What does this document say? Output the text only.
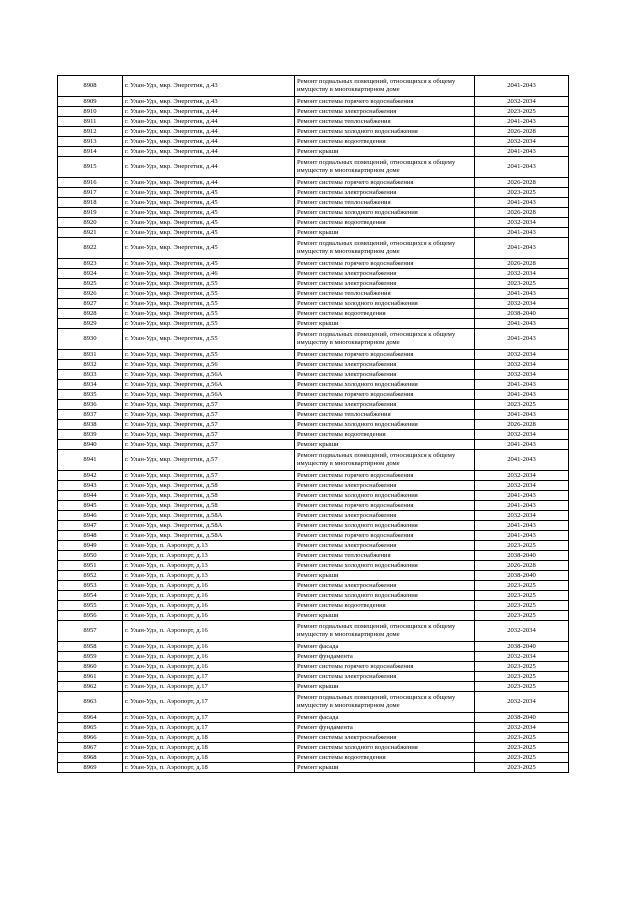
8908	г. Улан-Удэ, мкр. Энергетик, д.43	Ремонт подвальных помещений, относящихся к общему имуществу в многоквартирном доме	2041-2043
8909	г. Улан-Удэ, мкр. Энергетик, д.43	Ремонт системы горячего водоснабжения	2032-2034
8910	г. Улан-Удэ, мкр. Энергетик, д.44	Ремонт системы электроснабжения	2023-2025
8911	г. Улан-Удэ, мкр. Энергетик, д.44	Ремонт системы теплоснабжения	2041-2043
8912	г. Улан-Удэ, мкр. Энергетик, д.44	Ремонт системы холодного водоснабжения	2026-2028
8913	г. Улан-Удэ, мкр. Энергетик, д.44	Ремонт системы водоотведения	2032-2034
8914	г. Улан-Удэ, мкр. Энергетик, д.44	Ремонт крыши	2041-2043
8915	г. Улан-Удэ, мкр. Энергетик, д.44	Ремонт подвальных помещений, относящихся к общему имуществу в многоквартирном доме	2041-2043
8916	г. Улан-Удэ, мкр. Энергетик, д.44	Ремонт системы горячего водоснабжения	2026-2028
8917	г. Улан-Удэ, мкр. Энергетик, д.45	Ремонт системы электроснабжения	2023-2025
8918	г. Улан-Удэ, мкр. Энергетик, д.45	Ремонт системы теплоснабжения	2041-2043
8919	г. Улан-Удэ, мкр. Энергетик, д.45	Ремонт системы холодного водоснабжения	2026-2028
8920	г. Улан-Удэ, мкр. Энергетик, д.45	Ремонт системы водоотведения	2032-2034
8921	г. Улан-Удэ, мкр. Энергетик, д.45	Ремонт крыши	2041-2043
8922	г. Улан-Удэ, мкр. Энергетик, д.45	Ремонт подвальных помещений, относящихся к общему имуществу в многоквартирном доме	2041-2043
8923	г. Улан-Удэ, мкр. Энергетик, д.45	Ремонт системы горячего водоснабжения	2026-2028
8924	г. Улан-Удэ, мкр. Энергетик, д.46	Ремонт системы электроснабжения	2032-2034
8925	г. Улан-Удэ, мкр. Энергетик, д.55	Ремонт системы электроснабжения	2023-2025
8926	г. Улан-Удэ, мкр. Энергетик, д.55	Ремонт системы теплоснабжения	2041-2043
8927	г. Улан-Удэ, мкр. Энергетик, д.55	Ремонт системы холодного водоснабжения	2032-2034
8928	г. Улан-Удэ, мкр. Энергетик, д.55	Ремонт системы водоотведения	2038-2040
8929	г. Улан-Удэ, мкр. Энергетик, д.55	Ремонт крыши	2041-2043
8930	г. Улан-Удэ, мкр. Энергетик, д.55	Ремонт подвальных помещений, относящихся к общему имуществу в многоквартирном доме	2041-2043
8931	г. Улан-Удэ, мкр. Энергетик, д.55	Ремонт системы горячего водоснабжения	2032-2034
8932	г. Улан-Удэ, мкр. Энергетик, д.56	Ремонт системы электроснабжения	2032-2034
8933	г. Улан-Удэ, мкр. Энергетик, д.56А	Ремонт системы электроснабжения	2032-2034
8934	г. Улан-Удэ, мкр. Энергетик, д.56А	Ремонт системы холодного водоснабжения	2041-2043
8935	г. Улан-Удэ, мкр. Энергетик, д.56А	Ремонт системы горячего водоснабжения	2041-2043
8936	г. Улан-Удэ, мкр. Энергетик, д.57	Ремонт системы электроснабжения	2023-2025
8937	г. Улан-Удэ, мкр. Энергетик, д.57	Ремонт системы теплоснабжения	2041-2043
8938	г. Улан-Удэ, мкр. Энергетик, д.57	Ремонт системы холодного водоснабжения	2026-2028
8939	г. Улан-Удэ, мкр. Энергетик, д.57	Ремонт системы водоотведения	2032-2034
8940	г. Улан-Удэ, мкр. Энергетик, д.57	Ремонт крыши	2041-2043
8941	г. Улан-Удэ, мкр. Энергетик, д.57	Ремонт подвальных помещений, относящихся к общему имуществу в многоквартирном доме	2041-2043
8942	г. Улан-Удэ, мкр. Энергетик, д.57	Ремонт системы горячего водоснабжения	2032-2034
8943	г. Улан-Удэ, мкр. Энергетик, д.58	Ремонт системы электроснабжения	2032-2034
8944	г. Улан-Удэ, мкр. Энергетик, д.58	Ремонт системы холодного водоснабжения	2041-2043
8945	г. Улан-Удэ, мкр. Энергетик, д.58	Ремонт системы горячего водоснабжения	2041-2043
8946	г. Улан-Удэ, мкр. Энергетик, д.58А	Ремонт системы электроснабжения	2032-2034
8947	г. Улан-Удэ, мкр. Энергетик, д.58А	Ремонт системы холодного водоснабжения	2041-2043
8948	г. Улан-Удэ, мкр. Энергетик, д.58А	Ремонт системы горячего водоснабжения	2041-2043
8949	г. Улан-Удэ, п. Аэропорт, д.13	Ремонт системы электроснабжения	2023-2025
8950	г. Улан-Удэ, п. Аэропорт, д.13	Ремонт системы теплоснабжения	2038-2040
8951	г. Улан-Удэ, п. Аэропорт, д.13	Ремонт системы холодного водоснабжения	2026-2028
8952	г. Улан-Удэ, п. Аэропорт, д.13	Ремонт крыши	2038-2040
8953	г. Улан-Удэ, п. Аэропорт, д.16	Ремонт системы электроснабжения	2023-2025
8954	г. Улан-Удэ, п. Аэропорт, д.16	Ремонт системы холодного водоснабжения	2023-2025
8955	г. Улан-Удэ, п. Аэропорт, д.16	Ремонт системы водоотведения	2023-2025
8956	г. Улан-Удэ, п. Аэропорт, д.16	Ремонт крыши	2023-2025
8957	г. Улан-Удэ, п. Аэропорт, д.16	Ремонт подвальных помещений, относящихся к общему имуществу в многоквартирном доме	2032-2034
8958	г. Улан-Удэ, п. Аэропорт, д.16	Ремонт фасада	2038-2040
8959	г. Улан-Удэ, п. Аэропорт, д.16	Ремонт фундамента	2032-2034
8960	г. Улан-Удэ, п. Аэропорт, д.16	Ремонт системы горячего водоснабжения	2023-2025
8961	г. Улан-Удэ, п. Аэропорт, д.17	Ремонт системы электроснабжения	2023-2025
8962	г. Улан-Удэ, п. Аэропорт, д.17	Ремонт крыши	2023-2025
8963	г. Улан-Удэ, п. Аэропорт, д.17	Ремонт подвальных помещений, относящихся к общему имуществу в многоквартирном доме	2032-2034
8964	г. Улан-Удэ, п. Аэропорт, д.17	Ремонт фасада	2038-2040
8965	г. Улан-Удэ, п. Аэропорт, д.17	Ремонт фундамента	2032-2034
8966	г. Улан-Удэ, п. Аэропорт, д.18	Ремонт системы электроснабжения	2023-2025
8967	г. Улан-Удэ, п. Аэропорт, д.18	Ремонт системы холодного водоснабжения	2023-2025
8968	г. Улан-Удэ, п. Аэропорт, д.18	Ремонт системы водоотведения	2023-2025
8969	г. Улан-Удэ, п. Аэропорт, д.18	Ремонт крыши	2023-2025
